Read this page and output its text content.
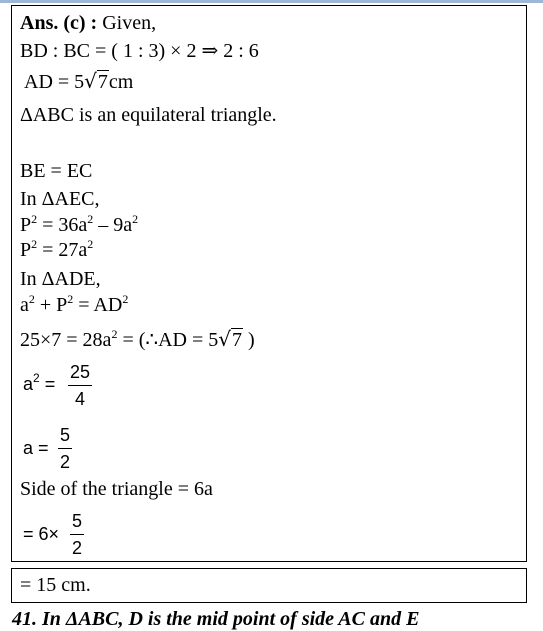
Ans. (c) : Given,
BD : BC = ( 1 : 3) × 2 ⇒ 2 : 6
AD = 5√7cm
ΔABC is an equilateral triangle.
BE = EC
In ΔAEC,
$P^2 = 36a^2 - 9a^2$
$P^2 = 27a^2$
In ΔADE,
$a^2 + P^2 = AD^2$
$25\times 7 = 28a^2$ = (∴AD = 5√7 )
$a^2$ =
25
4
a =
5
2
Side of the triangle = 6a
= 6×
5
2
= 15 cm.
41. In ΔABC, D is the mid point of side AC and E
